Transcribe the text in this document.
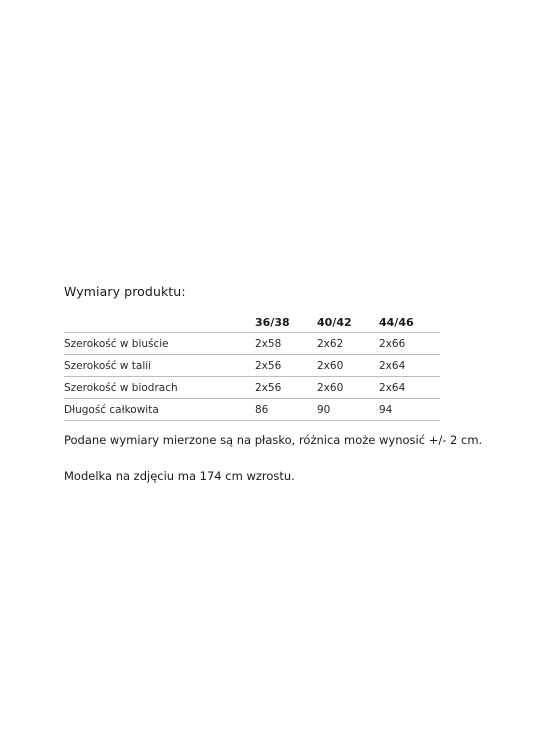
Wymiary produktu:
	36/38	40/42	44/46
Szerokość w biuście	2x58	2x62	2x66
Szerokość w talii	2x56	2x60	2x64
Szerokość w biodrach	2x56	2x60	2x64
Długość całkowita	86	90	94
Podane wymiary mierzone są na płasko, różnica może wynosić +/- 2 cm.
Modelka na zdjęciu ma 174 cm wzrostu.
